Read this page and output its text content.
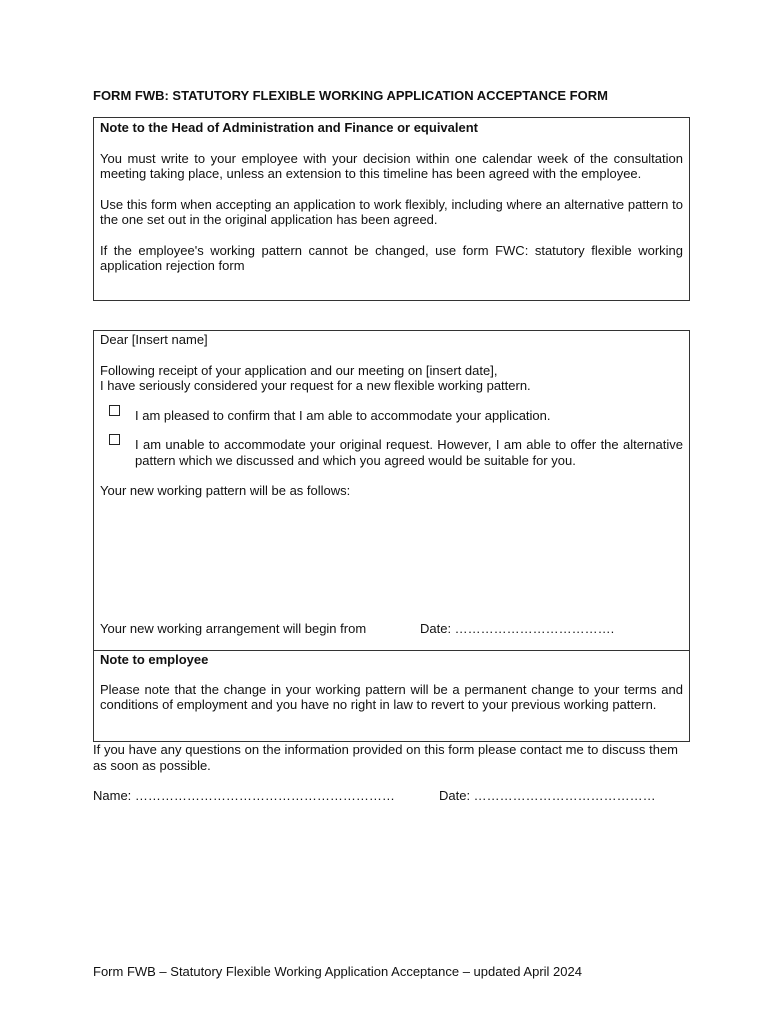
FORM FWB: STATUTORY FLEXIBLE WORKING APPLICATION ACCEPTANCE FORM
Note to the Head of Administration and Finance or equivalent

You must write to your employee with your decision within one calendar week of the consultation meeting taking place, unless an extension to this timeline has been agreed with the employee.

Use this form when accepting an application to work flexibly, including where an alternative pattern to the one set out in the original application has been agreed.

If the employee's working pattern cannot be changed, use form FWC: statutory flexible working application rejection form

Dear [Insert name]
Following receipt of your application and our meeting on [insert date],
I have seriously considered your request for a new flexible working pattern.
I am pleased to confirm that I am able to accommodate your application.
I am unable to accommodate your original request. However, I am able to offer the alternative pattern which we discussed and which you agreed would be suitable for you.
Your new working pattern will be as follows:
Your new working arrangement will begin from	Date: ……………………………….
Note to employee

Please note that the change in your working pattern will be a permanent change to your terms and conditions of employment and you have no right in law to revert to your previous working pattern.

If you have any questions on the information provided on this form please contact me to discuss them as soon as possible.
Name: ……………………………………………………	Date: ……………………………………
Form FWB – Statutory Flexible Working Application Acceptance – updated April 2024
